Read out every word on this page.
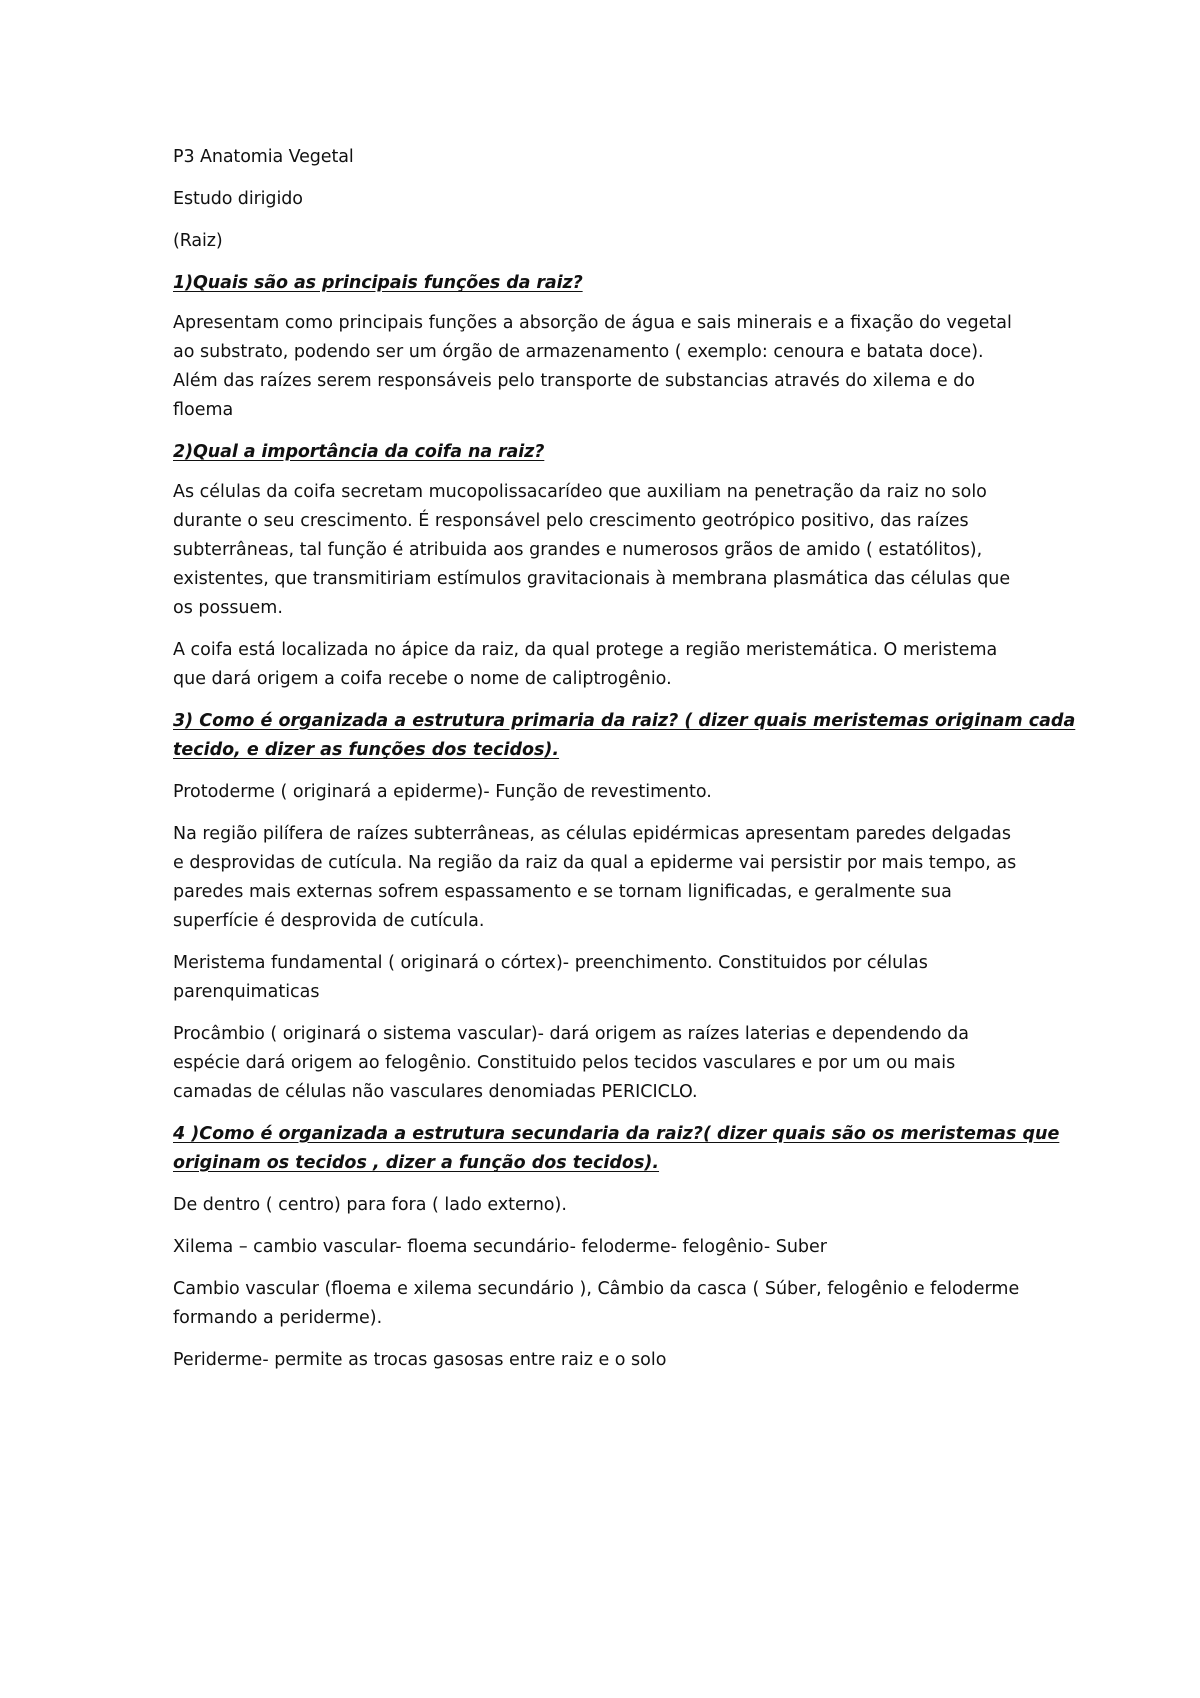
P3 Anatomia Vegetal
Estudo dirigido
(Raiz)
1)Quais são as principais funções da raiz?
Apresentam como principais funções a absorção de água e sais minerais e a fixação do vegetal
ao substrato, podendo ser um órgão de armazenamento ( exemplo: cenoura e batata doce).
Além das raízes serem responsáveis pelo transporte de substancias através do xilema e do
floema
2)Qual a importância da coifa na raiz?
As células da coifa secretam mucopolissacarídeo que auxiliam na penetração da raiz no solo
durante o seu crescimento. É responsável pelo crescimento geotrópico positivo, das raízes
subterrâneas, tal função é atribuida aos grandes e numerosos grãos de amido ( estatólitos),
existentes, que transmitiriam estímulos gravitacionais à membrana plasmática das células que
os possuem.
A coifa está localizada no ápice da raiz, da qual protege a região meristemática. O meristema
que dará origem a coifa recebe o nome de caliptrogênio.
3) Como é organizada a estrutura primaria da raiz? ( dizer quais meristemas originam cada
tecido, e dizer as funções dos tecidos).
Protoderme ( originará a epiderme)- Função de revestimento.
Na região pilífera de raízes subterrâneas, as células epidérmicas apresentam paredes delgadas
e desprovidas de cutícula. Na região da raiz da qual a epiderme vai persistir por mais tempo, as
paredes mais externas sofrem espassamento e se tornam lignificadas, e geralmente sua
superfície é desprovida de cutícula.
Meristema fundamental ( originará o córtex)- preenchimento. Constituidos por células
parenquimaticas
Procâmbio ( originará o sistema vascular)- dará origem as raízes laterias e dependendo da
espécie dará origem ao felogênio. Constituido pelos tecidos vasculares e por um ou mais
camadas de células não vasculares denomiadas PERICICLO.
4 )Como é organizada a estrutura secundaria da raiz?( dizer quais são os meristemas que
originam os tecidos , dizer a função dos tecidos).
De dentro ( centro) para fora ( lado externo).
Xilema – cambio vascular- floema secundário- feloderme- felogênio- Suber
Cambio vascular (floema e xilema secundário ), Câmbio da casca ( Súber, felogênio e feloderme
formando a periderme).
Periderme- permite as trocas gasosas entre raiz e o solo
